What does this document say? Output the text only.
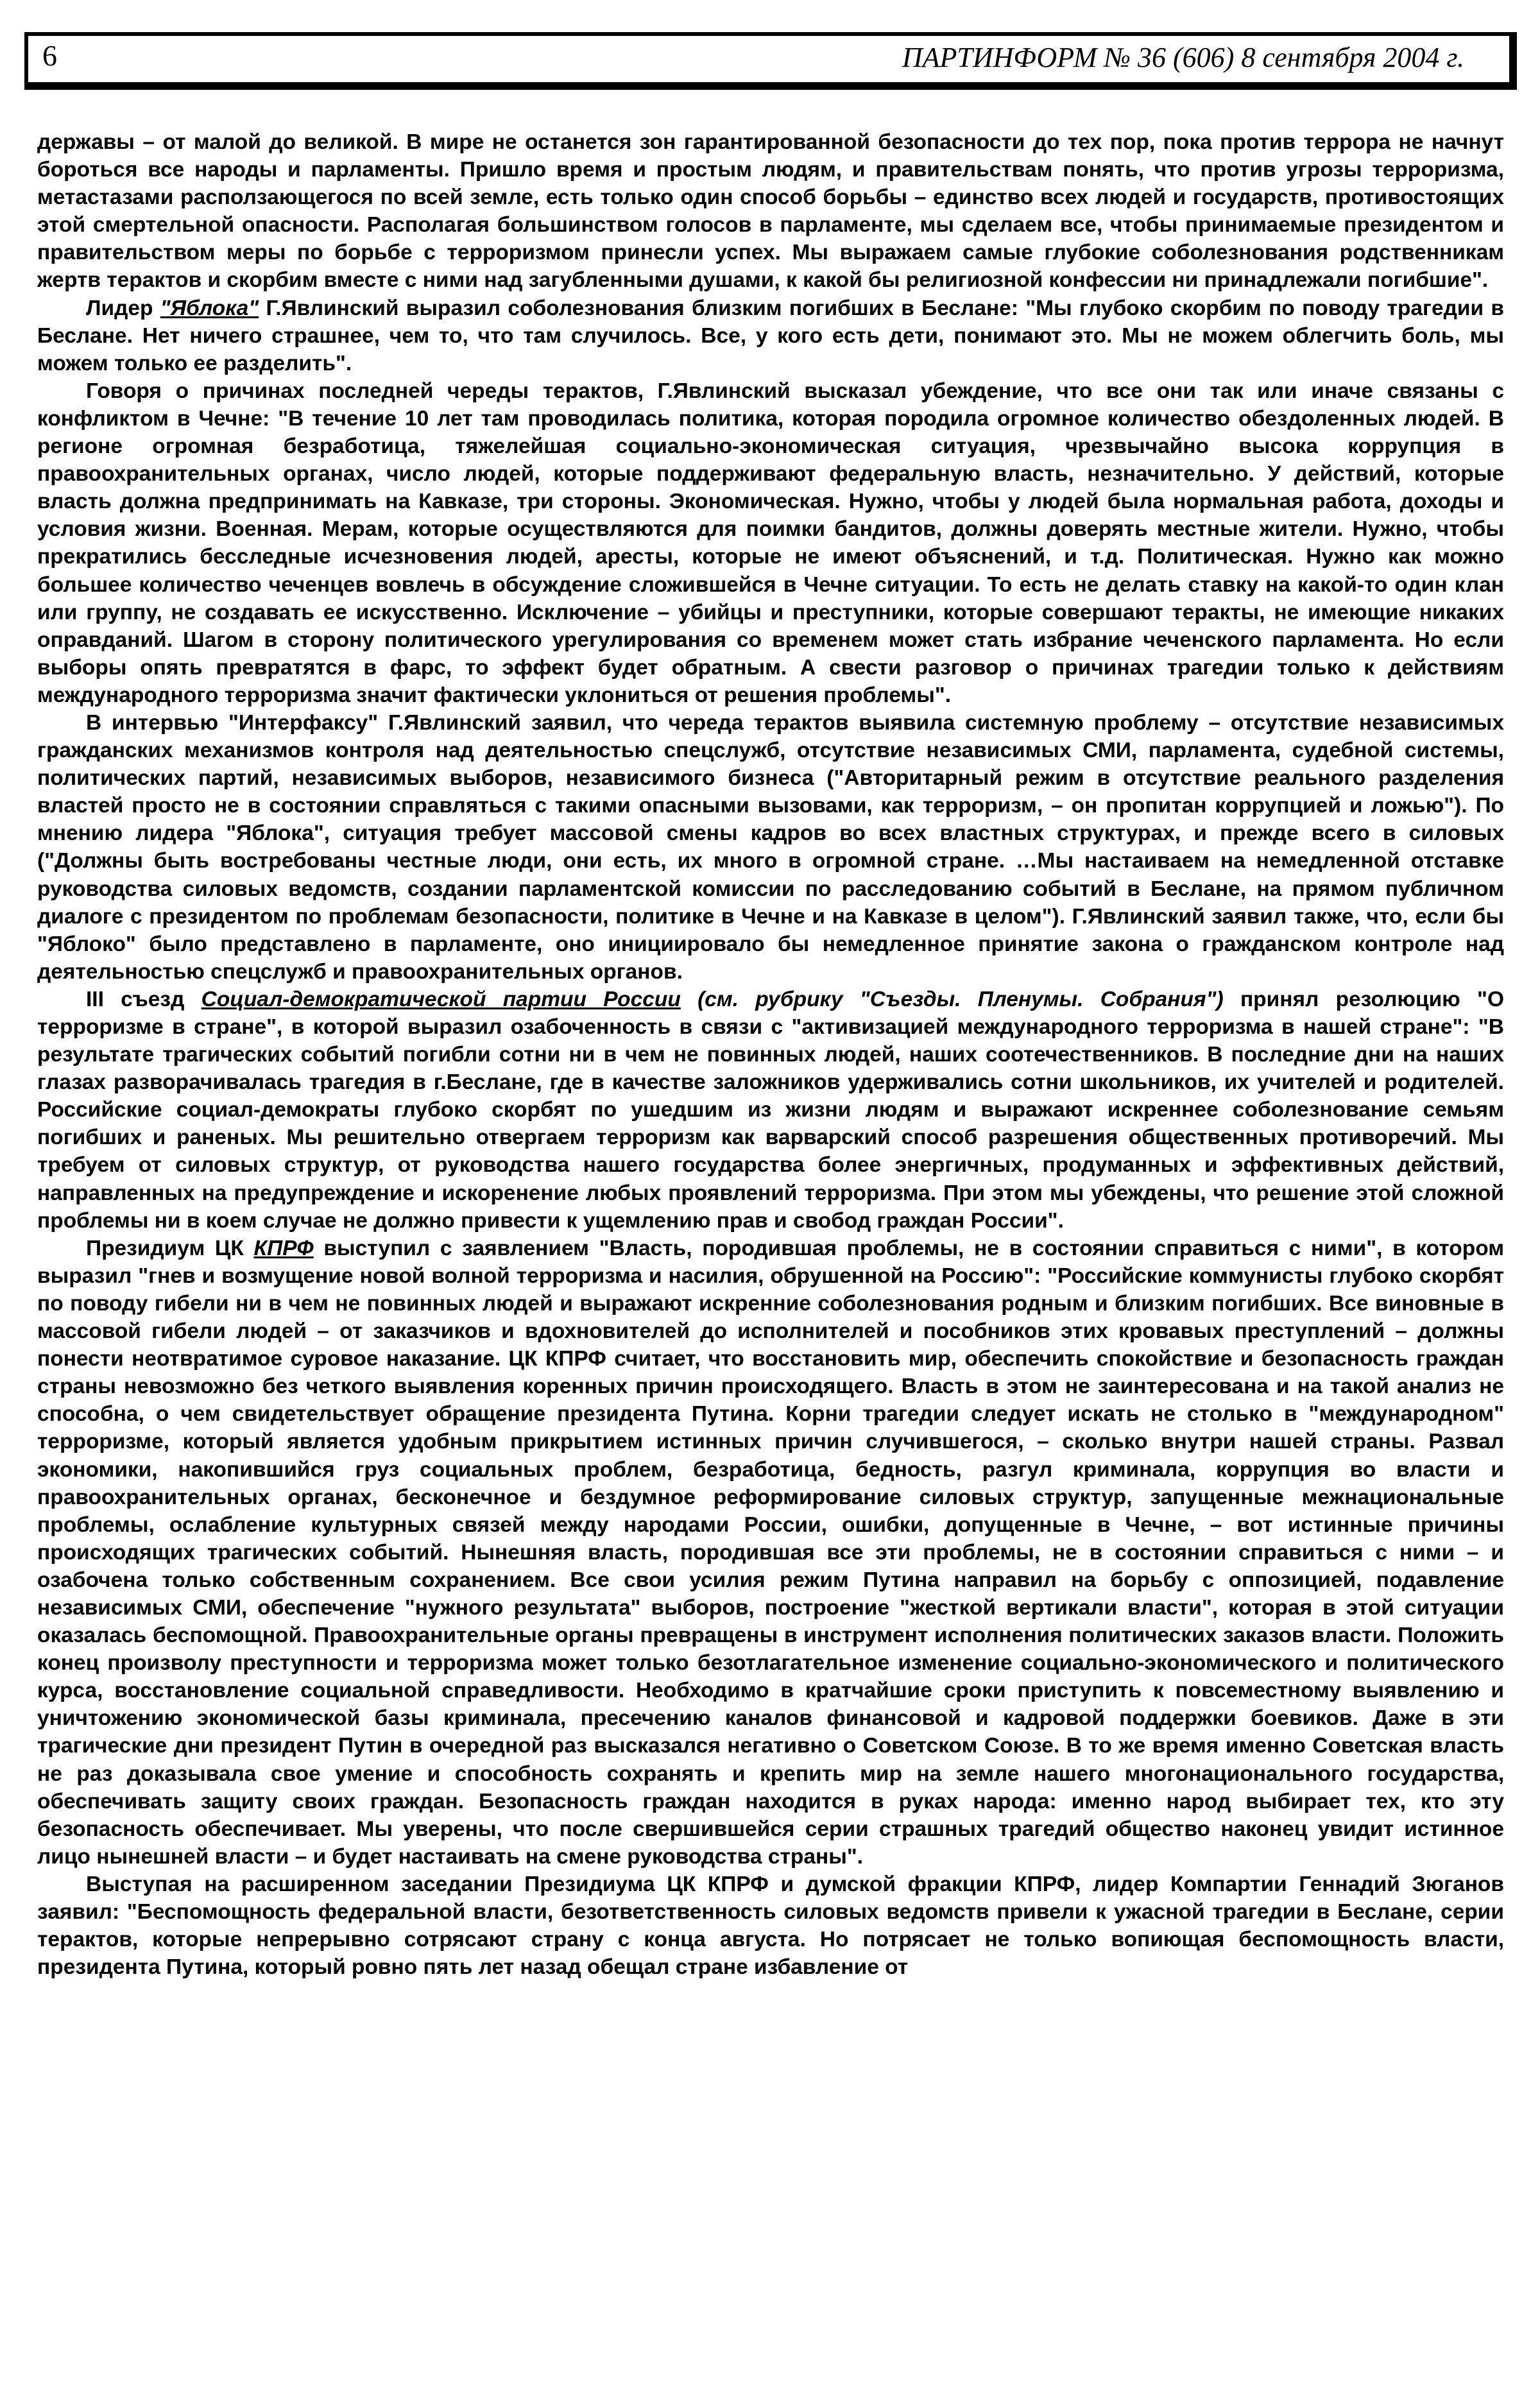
6	ПАРТИНФОРМ № 36 (606) 8 сентября 2004 г.

державы – от малой до великой. В мире не останется зон гарантированной безопасности до тех пор, пока против террора не начнут бороться все народы и парламенты. Пришло время и простым людям, и правительствам понять, что против угрозы терроризма, метастазами расползающегося по всей земле, есть только один способ борьбы – единство всех людей и государств, противостоящих этой смертельной опасности. Располагая большинством голосов в парламенте, мы сделаем все, чтобы принимаемые президентом и правительством меры по борьбе с терроризмом принесли успех. Мы выражаем самые глубокие соболезнования родственникам жертв терактов и скорбим вместе с ними над загубленными душами, к какой бы религиозной конфессии ни принадлежали погибшие".

Лидер "Яблока" Г.Явлинский выразил соболезнования близким погибших в Беслане: "Мы глубоко скорбим по поводу трагедии в Беслане. Нет ничего страшнее, чем то, что там случилось. Все, у кого есть дети, понимают это. Мы не можем облегчить боль, мы можем только ее разделить".

Говоря о причинах последней череды терактов, Г.Явлинский высказал убеждение, что все они так или иначе связаны с конфликтом в Чечне: "В течение 10 лет там проводилась политика, которая породила огромное количество обездоленных людей. В регионе огромная безработица, тяжелейшая социально-экономическая ситуация, чрезвычайно высока коррупция в правоохранительных органах, число людей, которые поддерживают федеральную власть, незначительно. У действий, которые власть должна предпринимать на Кавказе, три стороны. Экономическая. Нужно, чтобы у людей была нормальная работа, доходы и условия жизни. Военная. Мерам, которые осуществляются для поимки бандитов, должны доверять местные жители. Нужно, чтобы прекратились бесследные исчезновения людей, аресты, которые не имеют объяснений, и т.д. Политическая. Нужно как можно большее количество чеченцев вовлечь в обсуждение сложившейся в Чечне ситуации. То есть не делать ставку на какой-то один клан или группу, не создавать ее искусственно. Исключение – убийцы и преступники, которые совершают теракты, не имеющие никаких оправданий. Шагом в сторону политического урегулирования со временем может стать избрание чеченского парламента. Но если выборы опять превратятся в фарс, то эффект будет обратным. А свести разговор о причинах трагедии только к действиям международного терроризма значит фактически уклониться от решения проблемы".

В интервью "Интерфаксу" Г.Явлинский заявил, что череда терактов выявила системную проблему – отсутствие независимых гражданских механизмов контроля над деятельностью спецслужб, отсутствие независимых СМИ, парламента, судебной системы, политических партий, независимых выборов, независимого бизнеса ("Авторитарный режим в отсутствие реального разделения властей просто не в состоянии справляться с такими опасными вызовами, как терроризм, – он пропитан коррупцией и ложью"). По мнению лидера "Яблока", ситуация требует массовой смены кадров во всех властных структурах, и прежде всего в силовых ("Должны быть востребованы честные люди, они есть, их много в огромной стране. …Мы настаиваем на немедленной отставке руководства силовых ведомств, создании парламентской комиссии по расследованию событий в Беслане, на прямом публичном диалоге с президентом по проблемам безопасности, политике в Чечне и на Кавказе в целом"). Г.Явлинский заявил также, что, если бы "Яблоко" было представлено в парламенте, оно инициировало бы немедленное принятие закона о гражданском контроле над деятельностью спецслужб и правоохранительных органов.

III съезд Социал-демократической партии России (см. рубрику "Съезды. Пленумы. Собрания") принял резолюцию "О терроризме в стране", в которой выразил озабоченность в связи с "активизацией международного терроризма в нашей стране": "В результате трагических событий погибли сотни ни в чем не повинных людей, наших соотечественников. В последние дни на наших глазах разворачивалась трагедия в г.Беслане, где в качестве заложников удерживались сотни школьников, их учителей и родителей. Российские социал-демократы глубоко скорбят по ушедшим из жизни людям и выражают искреннее соболезнование семьям погибших и раненых. Мы решительно отвергаем терроризм как варварский способ разрешения общественных противоречий. Мы требуем от силовых структур, от руководства нашего государства более энергичных, продуманных и эффективных действий, направленных на предупреждение и искоренение любых проявлений терроризма. При этом мы убеждены, что решение этой сложной проблемы ни в коем случае не должно привести к ущемлению прав и свобод граждан России".

Президиум ЦК КПРФ выступил с заявлением "Власть, породившая проблемы, не в состоянии справиться с ними", в котором выразил "гнев и возмущение новой волной терроризма и насилия, обрушенной на Россию": "Российские коммунисты глубоко скорбят по поводу гибели ни в чем не повинных людей и выражают искренние соболезнования родным и близким погибших. Все виновные в массовой гибели людей – от заказчиков и вдохновителей до исполнителей и пособников этих кровавых преступлений – должны понести неотвратимое суровое наказание. ЦК КПРФ считает, что восстановить мир, обеспечить спокойствие и безопасность граждан страны невозможно без четкого выявления коренных причин происходящего. Власть в этом не заинтересована и на такой анализ не способна, о чем свидетельствует обращение президента Путина. Корни трагедии следует искать не столько в "международном" терроризме, который является удобным прикрытием истинных причин случившегося, – сколько внутри нашей страны. Развал экономики, накопившийся груз социальных проблем, безработица, бедность, разгул криминала, коррупция во власти и правоохранительных органах, бесконечное и бездумное реформирование силовых структур, запущенные межнациональные проблемы, ослабление культурных связей между народами России, ошибки, допущенные в Чечне, – вот истинные причины происходящих трагических событий. Нынешняя власть, породившая все эти проблемы, не в состоянии справиться с ними – и озабочена только собственным сохранением. Все свои усилия режим Путина направил на борьбу с оппозицией, подавление независимых СМИ, обеспечение "нужного результата" выборов, построение "жесткой вертикали власти", которая в этой ситуации оказалась беспомощной. Правоохранительные органы превращены в инструмент исполнения политических заказов власти. Положить конец произволу преступности и терроризма может только безотлагательное изменение социально-экономического и политического курса, восстановление социальной справедливости. Необходимо в кратчайшие сроки приступить к повсеместному выявлению и уничтожению экономической базы криминала, пресечению каналов финансовой и кадровой поддержки боевиков. Даже в эти трагические дни президент Путин в очередной раз высказался негативно о Советском Союзе. В то же время именно Советская власть не раз доказывала свое умение и способность сохранять и крепить мир на земле нашего многонационального государства, обеспечивать защиту своих граждан. Безопасность граждан находится в руках народа: именно народ выбирает тех, кто эту безопасность обеспечивает. Мы уверены, что после свершившейся серии страшных трагедий общество наконец увидит истинное лицо нынешней власти – и будет настаивать на смене руководства страны".

Выступая на расширенном заседании Президиума ЦК КПРФ и думской фракции КПРФ, лидер Компартии Геннадий Зюганов заявил: "Беспомощность федеральной власти, безответственность силовых ведомств привели к ужасной трагедии в Беслане, серии терактов, которые непрерывно сотрясают страну с конца августа. Но потрясает не только вопиющая беспомощность власти, президента Путина, который ровно пять лет назад обещал стране избавление от
